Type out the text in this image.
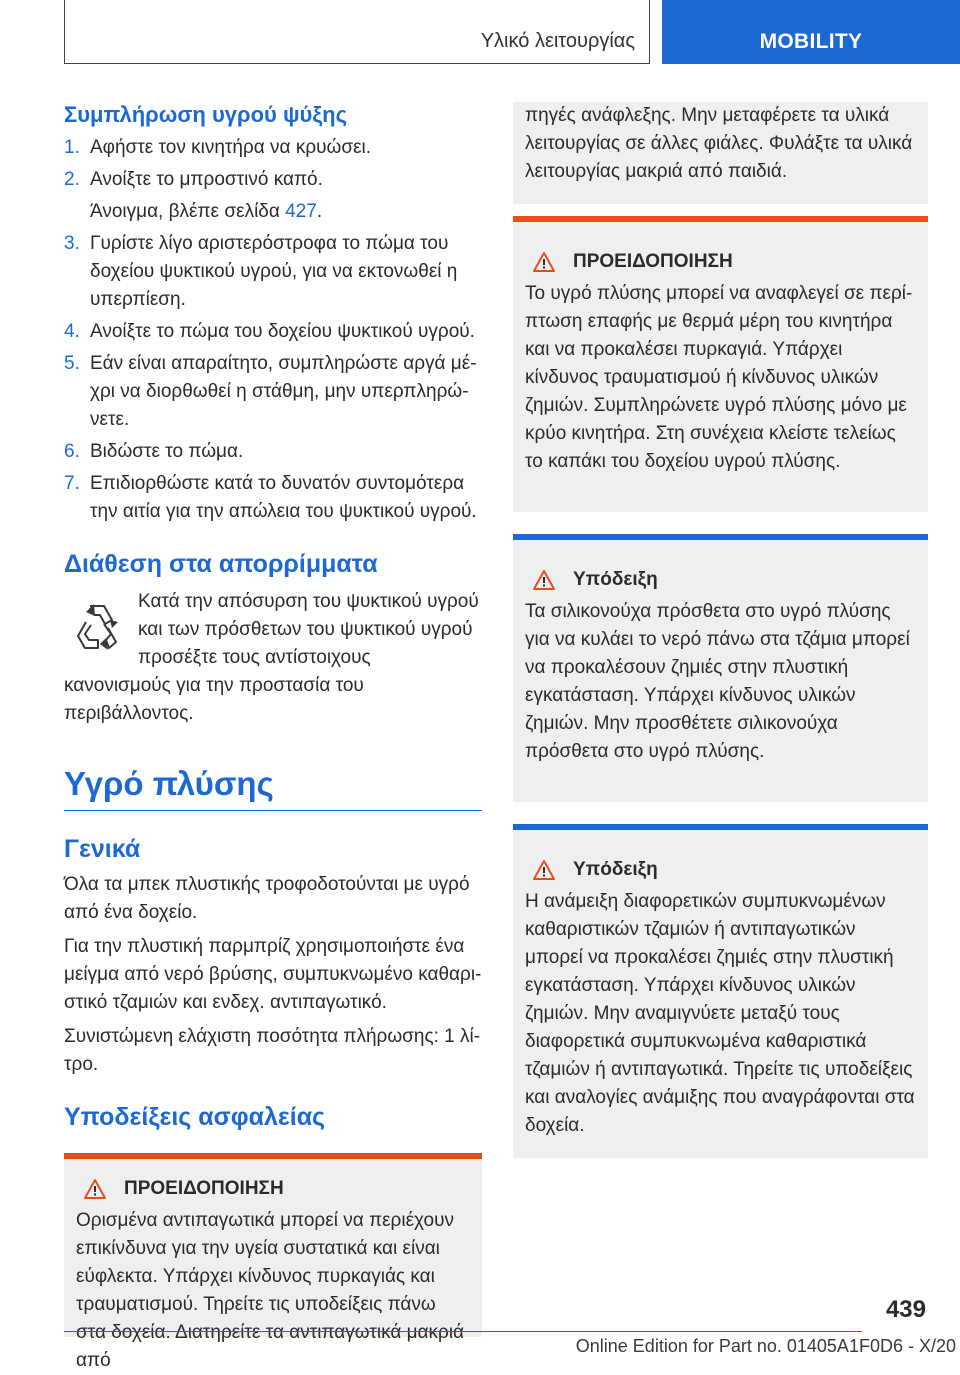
Υλικό λειτουργίας	MOBILITY
Συμπλήρωση υγρού ψύξης
1. Αφήστε τον κινητήρα να κρυώσει.
2. Ανοίξτε το μπροστινό καπό.
Άνοιγμα, βλέπε σελίδα 427.
3. Γυρίστε λίγο αριστερόστροφα το πώμα του δοχείου ψυκτικού υγρού, για να εκτονωθεί η υπερπίεση.
4. Ανοίξτε το πώμα του δοχείου ψυκτικού υγρού.
5. Εάν είναι απαραίτητο, συμπληρώστε αργά μέχρι να διορθωθεί η στάθμη, μην υπερπληρώνετε.
6. Βιδώστε το πώμα.
7. Επιδιορθώστε κατά το δυνατόν συντομότερα την αιτία για την απώλεια του ψυκτικού υγρού.
Διάθεση στα απορρίμματα
Κατά την απόσυρση του ψυκτικού υγρού και των πρόσθετων του ψυκτικού υγρού προσέξτε τους αντίστοιχους κανονισμούς για την προστασία του περιβάλλοντος.
Υγρό πλύσης
Γενικά

Όλα τα μπεκ πλυστικής τροφοδοτούνται με υγρό από ένα δοχείο.

Για την πλυστική παρμπρίζ χρησιμοποιήστε ένα μείγμα από νερό βρύσης, συμπυκνωμένο καθαριστικό τζαμιών και ενδεχ. αντιπαγωτικό.

Συνιστώμενη ελάχιστη ποσότητα πλήρωσης: 1 λίτρο.

Υποδείξεις ασφαλείας
ΠΡΟΕΙΔΟΠΟΙΗΣΗ
Ορισμένα αντιπαγωτικά μπορεί να περιέχουν επικίνδυνα για την υγεία συστατικά και είναι εύφλεκτα. Υπάρχει κίνδυνος πυρκαγιάς και τραυματισμού. Τηρείτε τις υποδείξεις πάνω στα δοχεία. Διατηρείτε τα αντιπαγωτικά μακριά από
πηγές ανάφλεξης. Μην μεταφέρετε τα υλικά λειτουργίας σε άλλες φιάλες. Φυλάξτε τα υλικά λειτουργίας μακριά από παιδιά.
ΠΡΟΕΙΔΟΠΟΙΗΣΗ
Το υγρό πλύσης μπορεί να αναφλεγεί σε περίπτωση επαφής με θερμά μέρη του κινητήρα και να προκαλέσει πυρκαγιά. Υπάρχει κίνδυνος τραυματισμού ή κίνδυνος υλικών ζημιών. Συμπληρώνετε υγρό πλύσης μόνο με κρύο κινητήρα. Στη συνέχεια κλείστε τελείως το καπάκι του δοχείου υγρού πλύσης.
Υπόδειξη
Τα σιλικονούχα πρόσθετα στο υγρό πλύσης για να κυλάει το νερό πάνω στα τζάμια μπορεί να προκαλέσουν ζημιές στην πλυστική εγκατάσταση. Υπάρχει κίνδυνος υλικών ζημιών. Μην προσθέτετε σιλικονούχα πρόσθετα στο υγρό πλύσης.
Υπόδειξη
Η ανάμειξη διαφορετικών συμπυκνωμένων καθαριστικών τζαμιών ή αντιπαγωτικών μπορεί να προκαλέσει ζημιές στην πλυστική εγκατάσταση. Υπάρχει κίνδυνος υλικών ζημιών. Μην αναμιγνύετε μεταξύ τους διαφορετικά συμπυκνωμένα καθαριστικά τζαμιών ή αντιπαγωτικά. Τηρείτε τις υποδείξεις και αναλογίες ανάμιξης που αναγράφονται στα δοχεία.
439
Online Edition for Part no. 01405A1F0D6 - X/20
